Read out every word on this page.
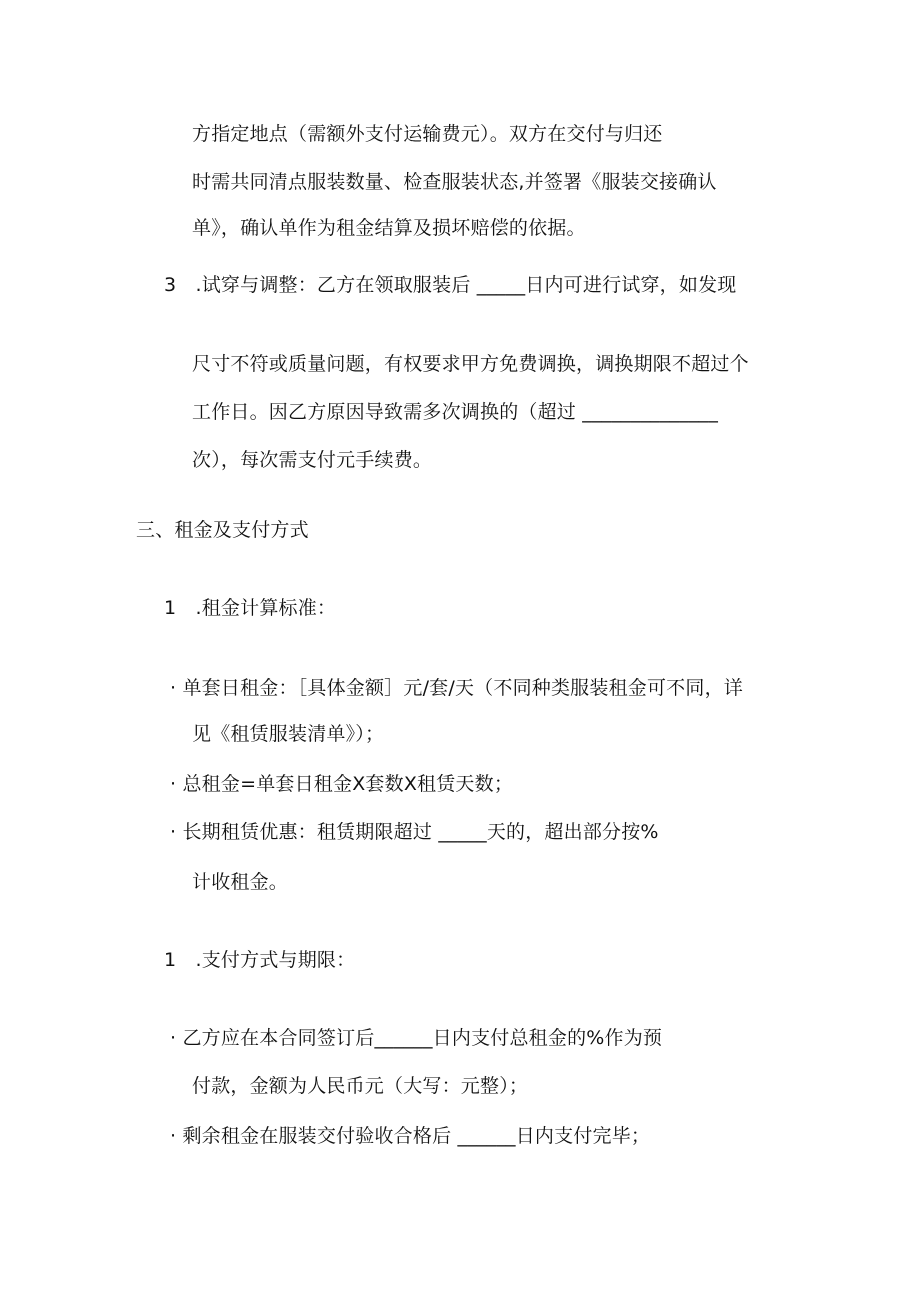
方指定地点（需额外支付运输费元）。双方在交付与归还
时需共同清点服装数量、检查服装状态,并签署《服装交接确认
单》，确认单作为租金结算及损坏赔偿的依据。
3　.试穿与调整：乙方在领取服装后 _____日内可进行试穿，如发现
尺寸不符或质量问题，有权要求甲方免费调换，调换期限不超过个
工作日。因乙方原因导致需多次调换的（超过 ______________
次），每次需支付元手续费。
三、租金及支付方式
1　.租金计算标准：
· 单套日租金：［具体金额］元/套/天（不同种类服装租金可不同，详
见《租赁服装清单》）；
· 总租金=单套日租金X套数X租赁天数；
· 长期租赁优惠：租赁期限超过 _____天的，超出部分按%
计收租金。
1　.支付方式与期限：
· 乙方应在本合同签订后______日内支付总租金的%作为预
付款，金额为人民币元（大写：元整）；
· 剩余租金在服装交付验收合格后 ______日内支付完毕；
